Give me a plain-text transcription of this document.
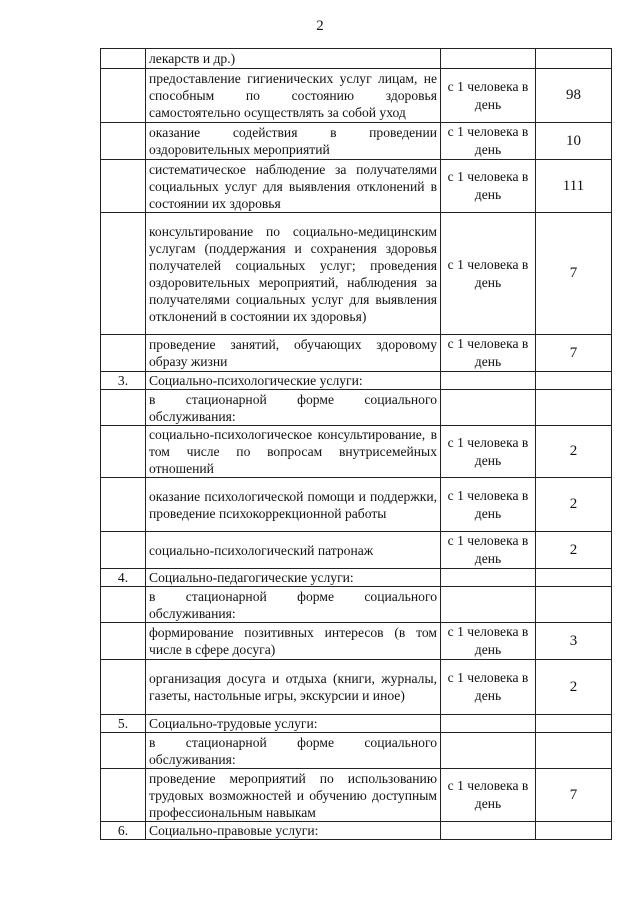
2
	лекарств и др.)		
	предоставление гигиенических услуг лицам, не способным по состоянию здоровья самостоятельно осуществлять за собой уход	с 1 человека в день	98
	оказание содействия в проведении оздоровительных мероприятий	с 1 человека в день	10
	систематическое наблюдение за получателями социальных услуг для выявления отклонений в состоянии их здоровья	с 1 человека в день	111
	консультирование по социально-медицинским услугам (поддержания и сохранения здоровья получателей социальных услуг; проведения оздоровительных мероприятий, наблюдения за получателями социальных услуг для выявления отклонений в состоянии их здоровья)	с 1 человека в день	7
	проведение занятий, обучающих здоровому образу жизни	с 1 человека в день	7
3.	Социально-психологические услуги:		
	в стационарной форме социального обслуживания:		
	социально-психологическое консультирование, в том числе по вопросам внутрисемейных отношений	с 1 человека в день	2
	оказание психологической помощи и поддержки, проведение психокоррекционной работы	с 1 человека в день	2
	социально-психологический патронаж	с 1 человека в день	2
4.	Социально-педагогические услуги:		
	в стационарной форме социального обслуживания:		
	формирование позитивных интересов (в том числе в сфере досуга)	с 1 человека в день	3
	организация досуга и отдыха (книги, журналы, газеты, настольные игры, экскурсии и иное)	с 1 человека в день	2
5.	Социально-трудовые услуги:		
	в стационарной форме социального обслуживания:		
	проведение мероприятий по использованию трудовых возможностей и обучению доступным профессиональным навыкам	с 1 человека в день	7
6.	Социально-правовые услуги:		
